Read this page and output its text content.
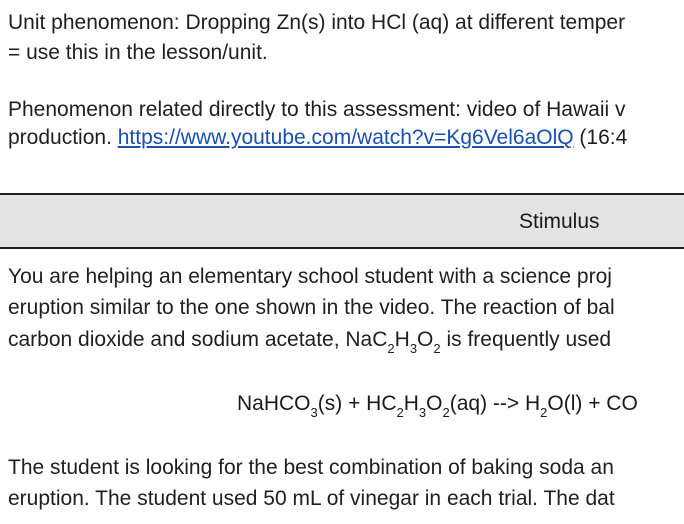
Unit phenomenon: Dropping Zn(s) into HCl (aq) at different temper
= use this in the lesson/unit.
Phenomenon related directly to this assessment: video of Hawaii v
production. https://www.youtube.com/watch?v=Kg6Vel6aOlQ (16:4
Stimulus
You are helping an elementary school student with a science proj
eruption similar to the one shown in the video. The reaction of bal
carbon dioxide and sodium acetate, $NaC_2H_3O_2$ is frequently used
NaHCO$_3$(s) + $HC_2H_3O_2(aq)$ --> $H_2O(l)$ + CO
The student is looking for the best combination of baking soda an
eruption. The student used 50 mL of vinegar in each trial. The dat
